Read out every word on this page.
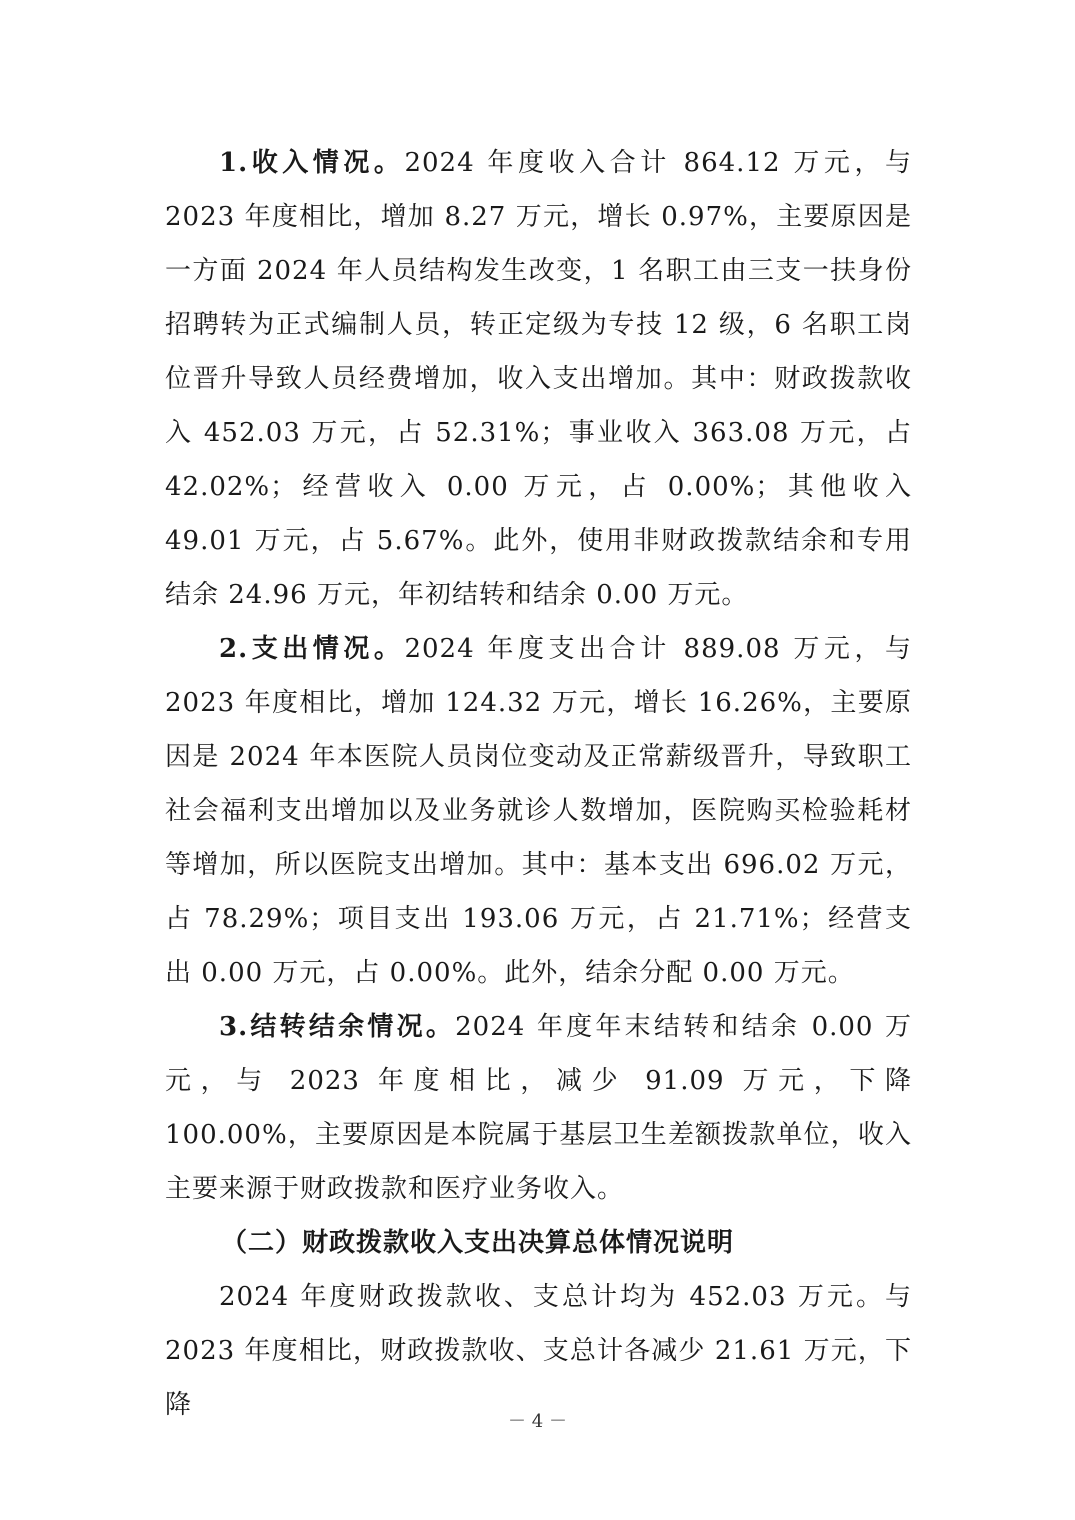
1.收入情况。2024 年度收入合计 864.12 万元，与 2023 年度相比，增加 8.27 万元，增长 0.97%，主要原因是一方面 2024 年人员结构发生改变，1 名职工由三支一扶身份招聘转为正式编制人员，转正定级为专技 12 级，6 名职工岗位晋升导致人员经费增加，收入支出增加。其中：财政拨款收入 452.03 万元，占 52.31%；事业收入 363.08 万元，占 42.02%；经营收入 0.00 万元，占 0.00%；其他收入 49.01 万元，占 5.67%。此外，使用非财政拨款结余和专用结余 24.96 万元，年初结转和结余 0.00 万元。

2.支出情况。2024 年度支出合计 889.08 万元，与 2023 年度相比，增加 124.32 万元，增长 16.26%，主要原因是 2024 年本医院人员岗位变动及正常薪级晋升，导致职工社会福利支出增加以及业务就诊人数增加，医院购买检验耗材等增加，所以医院支出增加。其中：基本支出 696.02 万元，占 78.29%；项目支出 193.06 万元，占 21.71%；经营支出 0.00 万元，占 0.00%。此外，结余分配 0.00 万元。

3.结转结余情况。2024 年度年末结转和结余 0.00 万元，与 2023 年度相比，减少 91.09 万元，下降 100.00%，主要原因是本院属于基层卫生差额拨款单位，收入主要来源于财政拨款和医疗业务收入。

（二）财政拨款收入支出决算总体情况说明

2024 年度财政拨款收、支总计均为 452.03 万元。与 2023 年度相比，财政拨款收、支总计各减少 21.61 万元，下降

－ 4 －
